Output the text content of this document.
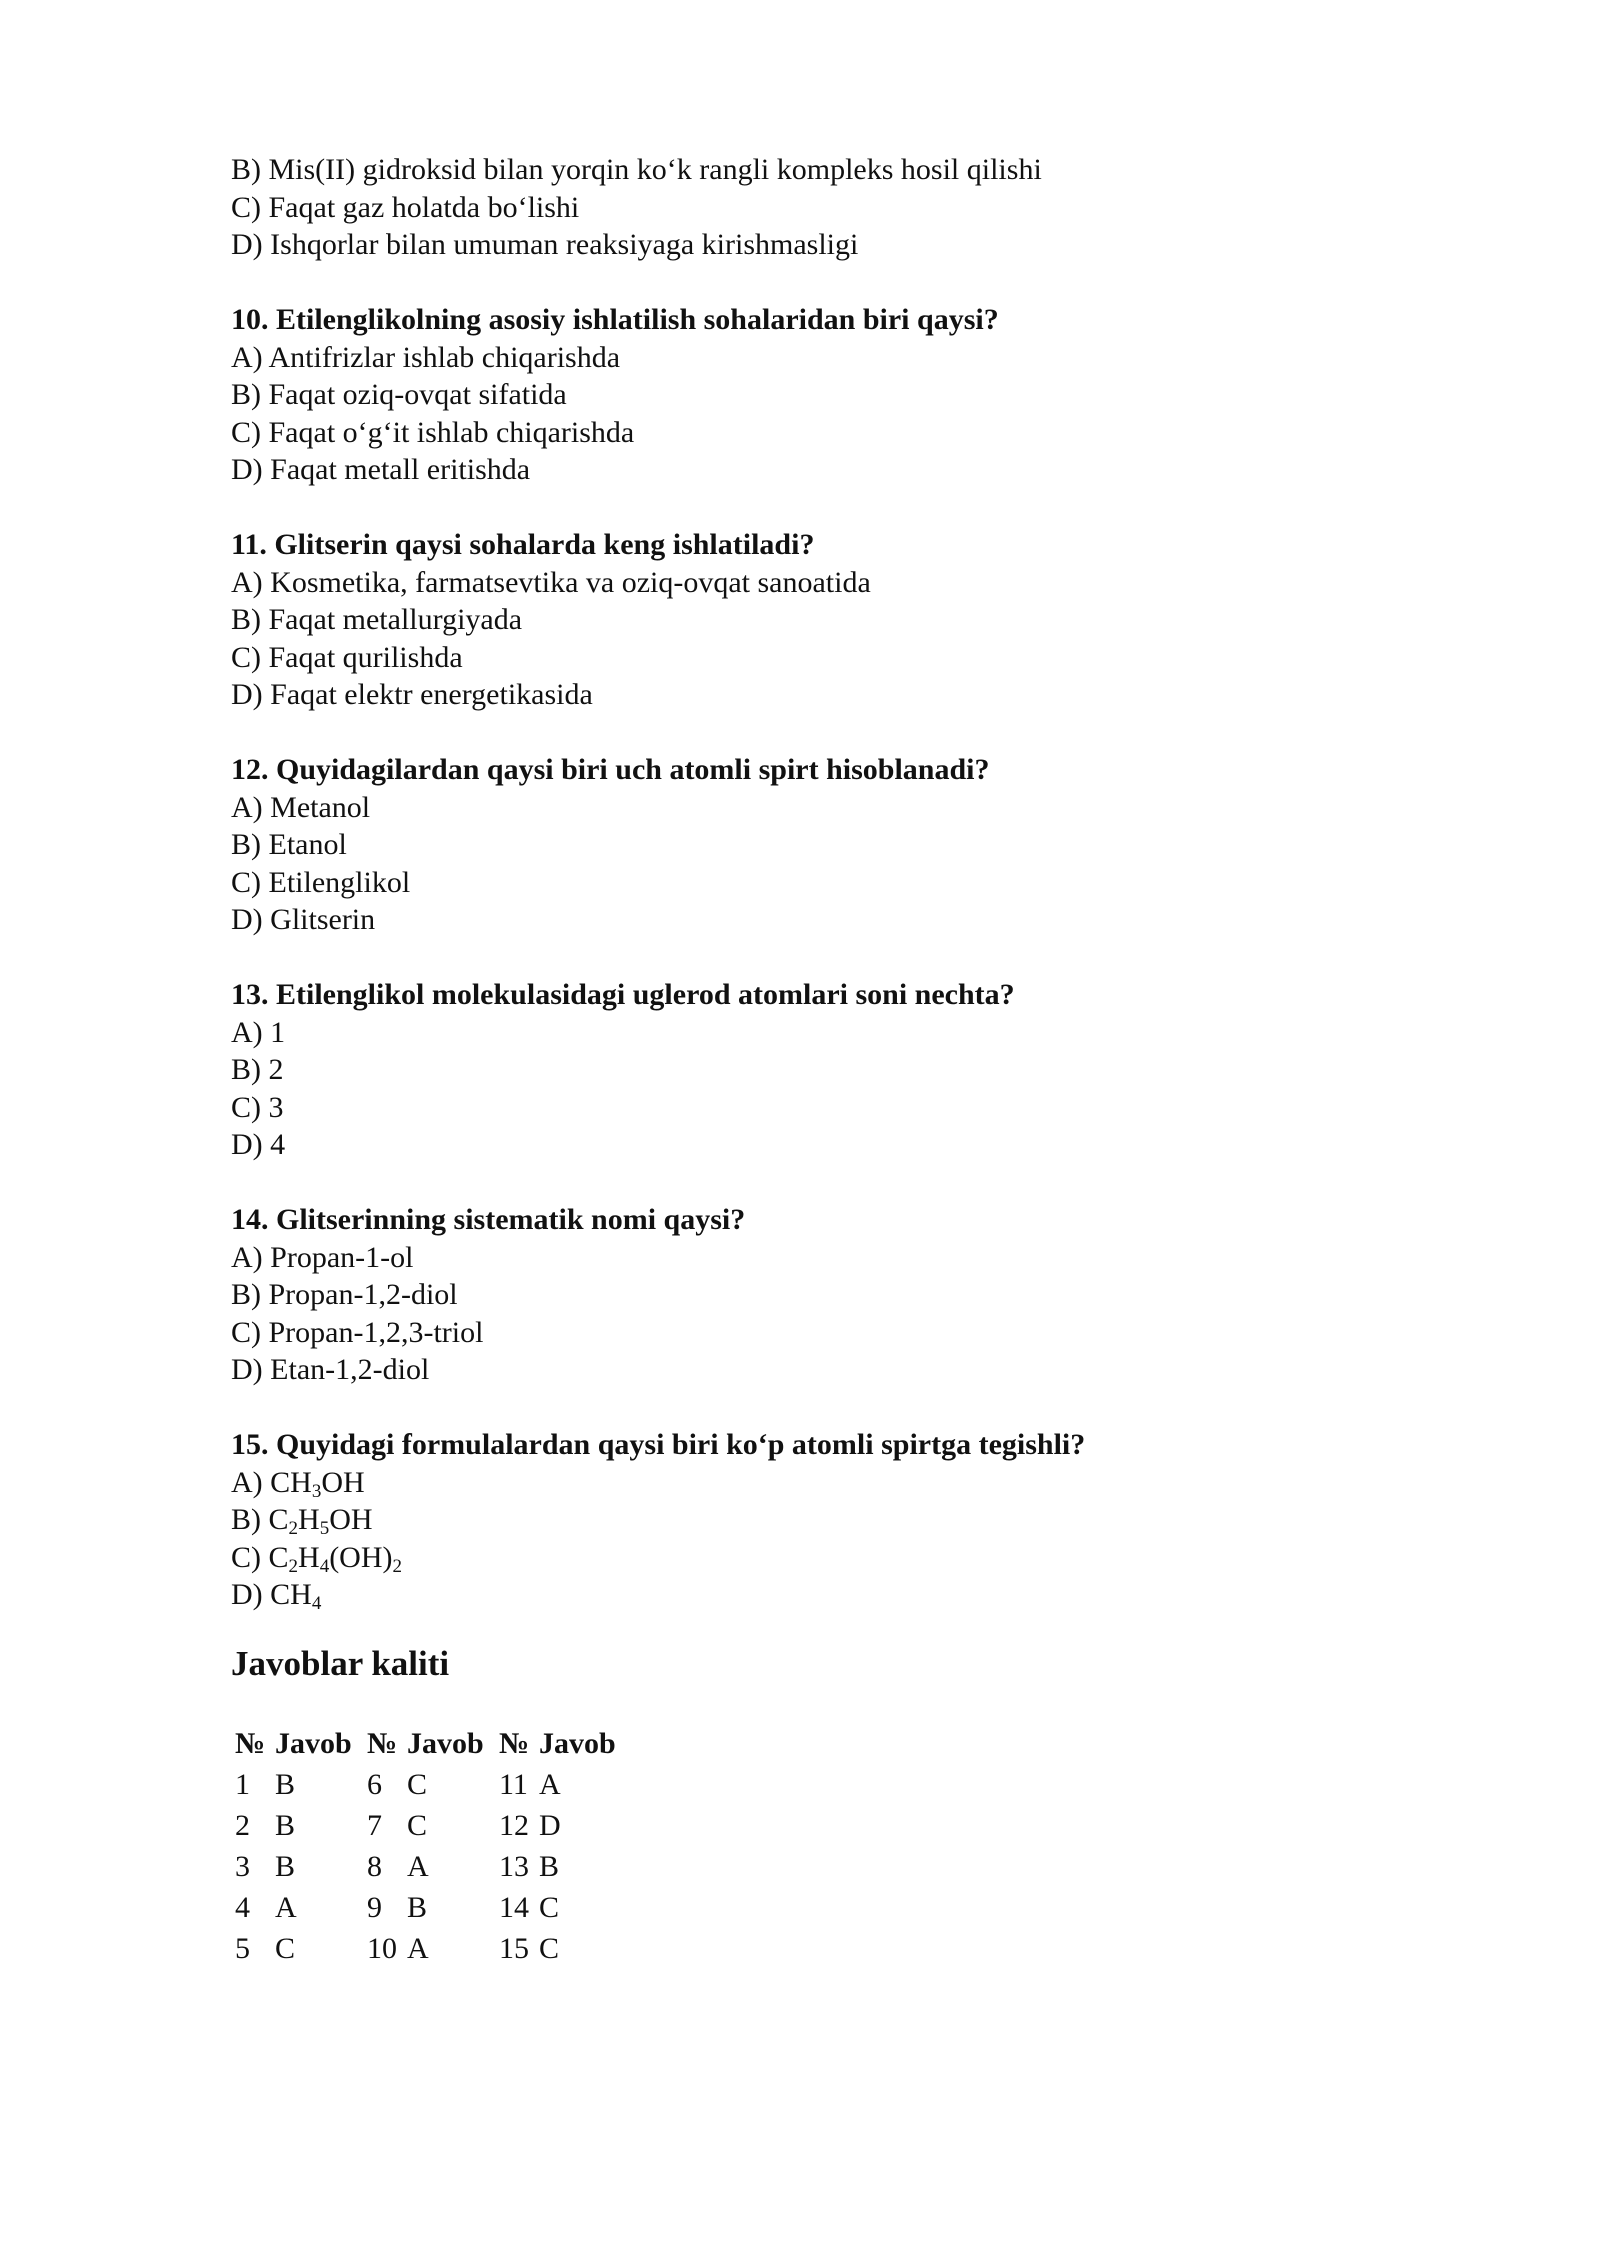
B) Mis(II) gidroksid bilan yorqin ko‘k rangli kompleks hosil qilishi
C) Faqat gaz holatda bo‘lishi
D) Ishqorlar bilan umuman reaksiyaga kirishmasligi
10. Etilenglikolning asosiy ishlatilish sohalaridan biri qaysi?
A) Antifrizlar ishlab chiqarishda
B) Faqat oziq-ovqat sifatida
C) Faqat o‘g‘it ishlab chiqarishda
D) Faqat metall eritishda
11. Glitserin qaysi sohalarda keng ishlatiladi?
A) Kosmetika, farmatsevtika va oziq-ovqat sanoatida
B) Faqat metallurgiyada
C) Faqat qurilishda
D) Faqat elektr energetikasida
12. Quyidagilardan qaysi biri uch atomli spirt hisoblanadi?
A) Metanol
B) Etanol
C) Etilenglikol
D) Glitserin
13. Etilenglikol molekulasidagi uglerod atomlari soni nechta?
A) 1
B) 2
C) 3
D) 4
14. Glitserinning sistematik nomi qaysi?
A) Propan-1-ol
B) Propan-1,2-diol
C) Propan-1,2,3-triol
D) Etan-1,2-diol
15. Quyidagi formulalardan qaysi biri ko‘p atomli spirtga tegishli?
A) $CH_3OH$
B) $C_2H_5OH$
C) $C_2H_4(OH)_2$
D) $CH_4$
Javoblar kaliti
№	Javob	№	Javob	№	Javob
1	B	6	C	11	A
2	B	7	C	12	D
3	B	8	A	13	B
4	A	9	B	14	C
5	C	10	A	15	C
